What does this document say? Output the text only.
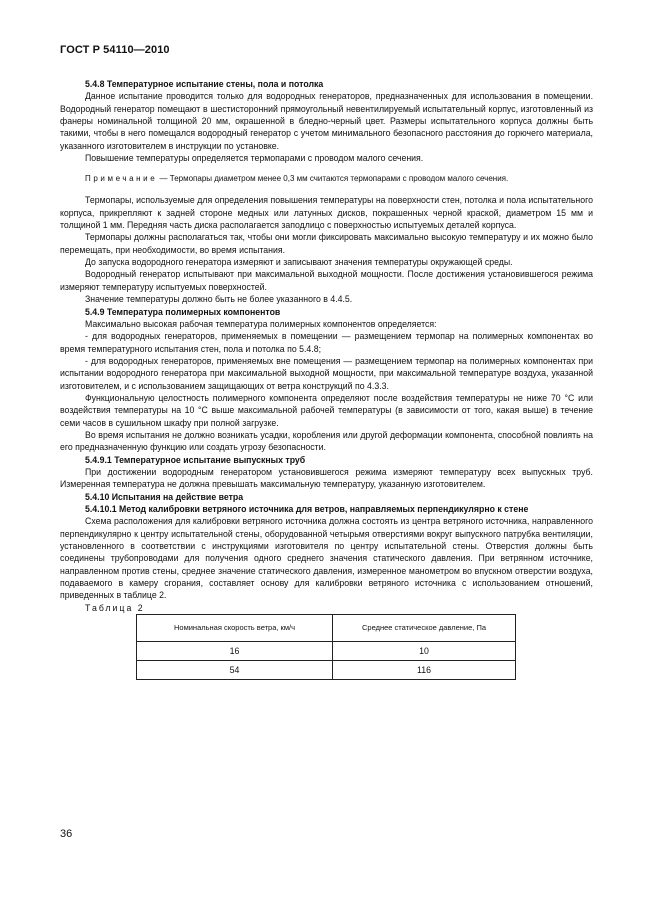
ГОСТ Р 54110—2010

5.4.8 Температурное испытание стены, пола и потолка

Данное испытание проводится только для водородных генераторов, предназначенных для использования в помещении. Водородный генератор помещают в шестисторонний прямоугольный невентилируемый испытательный корпус, изготовленный из фанеры номинальной толщиной 20 мм, окрашенной в бледно-черный цвет. Размеры испытательного корпуса должны быть такими, чтобы в него помещался водородный генератор с учетом минимального безопасного расстояния до горючего материала, указанного изготовителем в инструкции по установке.

Повышение температуры определяется термопарами с проводом малого сечения.

Примечание — Термопары диаметром менее 0,3 мм считаются термопарами с проводом малого сечения.

Термопары, используемые для определения повышения температуры на поверхности стен, потолка и пола испытательного корпуса, прикрепляют к задней стороне медных или латунных дисков, покрашенных черной краской, диаметром 15 мм и толщиной 1 мм. Передняя часть диска располагается заподлицо с поверхностью испытуемых деталей корпуса.

Термопары должны располагаться так, чтобы они могли фиксировать максимально высокую температуру и их можно было перемещать, при необходимости, во время испытания.

До запуска водородного генератора измеряют и записывают значения температуры окружающей среды.

Водородный генератор испытывают при максимальной выходной мощности. После достижения установившегося режима измеряют температуру испытуемых поверхностей.

Значение температуры должно быть не более указанного в 4.4.5.

5.4.9 Температура полимерных компонентов

Максимально высокая рабочая температура полимерных компонентов определяется:

- для водородных генераторов, применяемых в помещении — размещением термопар на полимерных компонентах во время температурного испытания стен, пола и потолка по 5.4.8;

- для водородных генераторов, применяемых вне помещения — размещением термопар на полимерных компонентах при испытании водородного генератора при максимальной выходной мощности, при максимальной температуре воздуха, указанной изготовителем, и с использованием защищающих от ветра конструкций по 4.3.3.

Функциональную целостность полимерного компонента определяют после воздействия температуры не ниже 70 °С или воздействия температуры на 10 °С выше максимальной рабочей температуры (в зависимости от того, какая выше) в течение семи часов в сушильном шкафу при полной загрузке.

Во время испытания не должно возникать усадки, коробления или другой деформации компонента, способной повлиять на его предназначенную функцию или создать угрозу безопасности.

5.4.9.1 Температурное испытание выпускных труб

При достижении водородным генератором установившегося режима измеряют температуру всех выпускных труб. Измеренная температура не должна превышать максимальную температуру, указанную изготовителем.

5.4.10 Испытания на действие ветра

5.4.10.1 Метод калибровки ветряного источника для ветров, направляемых перпендикулярно к стене

Схема расположения для калибровки ветряного источника должна состоять из центра ветряного источника, направленного перпендикулярно к центру испытательной стены, оборудованной четырьмя отверстиями вокруг выпускного патрубка вентиляции, установленного в соответствии с инструкциями изготовителя по центру испытательной стены. Отверстия должны быть соединены трубопроводами для получения одного среднего значения статического давления. При ветрянном источнике, направленном против стены, среднее значение статического давления, измеренное манометром во впускном отверстии воздуха, подаваемого в камеру сгорания, составляет основу для калибровки ветряного источника с использованием отношений, приведенных в таблице 2.

Таблица 2

Номинальная скорость ветра, км/ч	Среднее статическое давление, Па
16	10
54	116
36
